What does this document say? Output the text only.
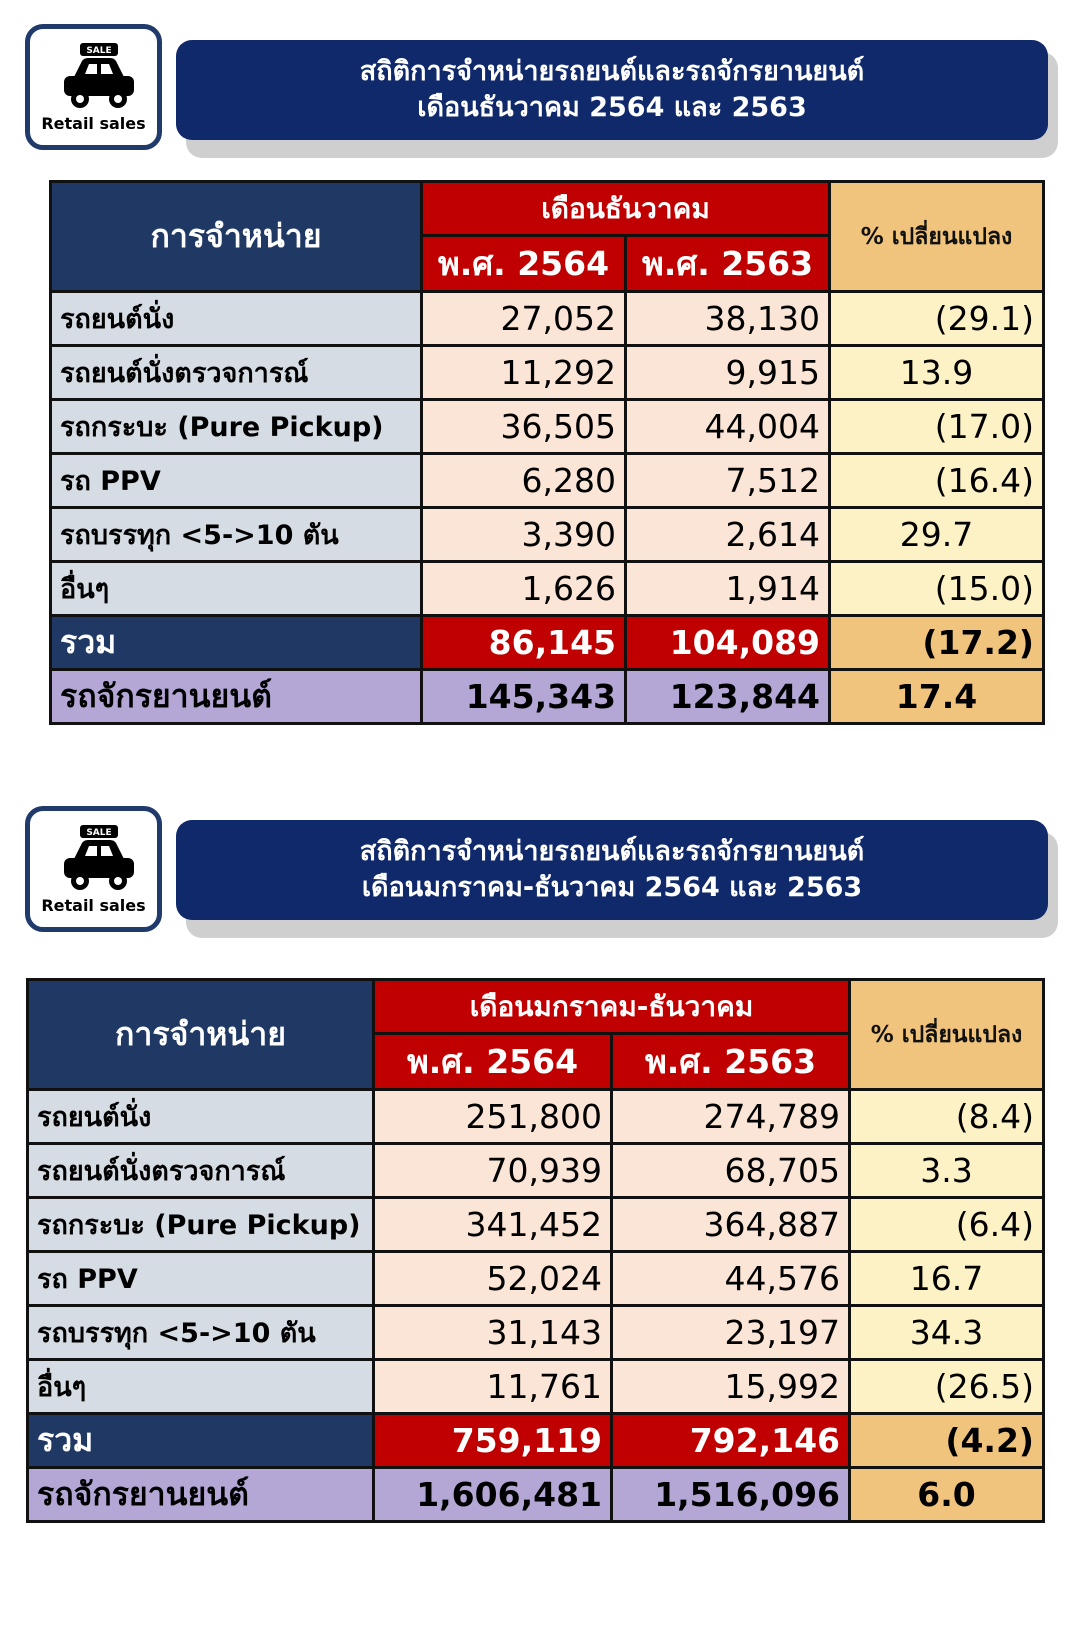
SALE
Retail sales
สถิติการจำหน่ายรถยนต์และรถจักรยานยนต์
เดือนธันวาคม 2564 และ 2563
การจำหน่าย	เดือนธันวาคม		% เปลี่ยนแปลง
	พ.ศ. 2564	พ.ศ. 2563	
รถยนต์นั่ง	27,052	38,130	(29.1)
รถยนต์นั่งตรวจการณ์	11,292	9,915	13.9
รถกระบะ (Pure Pickup)	36,505	44,004	(17.0)
รถ PPV	6,280	7,512	(16.4)
รถบรรทุก <5->10 ตัน	3,390	2,614	29.7
อื่นๆ	1,626	1,914	(15.0)
รวม	86,145	104,089	(17.2)
รถจักรยานยนต์	145,343	123,844	17.4
SALE
Retail sales
สถิติการจำหน่ายรถยนต์และรถจักรยานยนต์
เดือนมกราคม-ธันวาคม 2564 และ 2563
การจำหน่าย	เดือนมกราคม-ธันวาคม		% เปลี่ยนแปลง
	พ.ศ. 2564	พ.ศ. 2563	
รถยนต์นั่ง	251,800	274,789	(8.4)
รถยนต์นั่งตรวจการณ์	70,939	68,705	3.3
รถกระบะ (Pure Pickup)	341,452	364,887	(6.4)
รถ PPV	52,024	44,576	16.7
รถบรรทุก <5->10 ตัน	31,143	23,197	34.3
อื่นๆ	11,761	15,992	(26.5)
รวม	759,119	792,146	(4.2)
รถจักรยานยนต์	1,606,481	1,516,096	6.0
